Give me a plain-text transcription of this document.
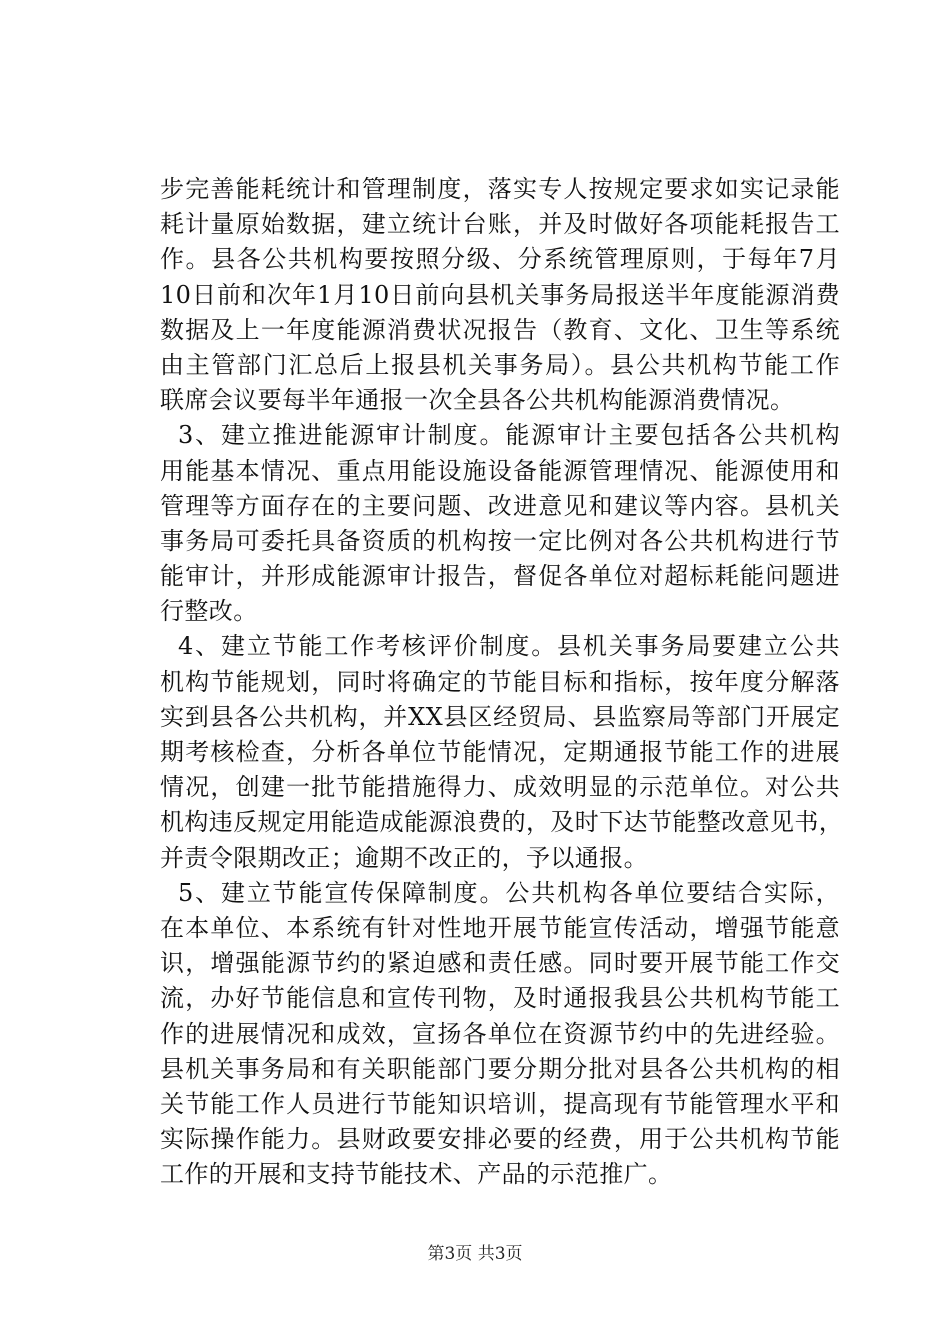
步完善能耗统计和管理制度，落实专人按规定要求如实记录能
耗计量原始数据，建立统计台账，并及时做好各项能耗报告工
作。县各公共机构要按照分级、分系统管理原则，于每年7月
10日前和次年1月10日前向县机关事务局报送半年度能源消费
数据及上一年度能源消费状况报告（教育、文化、卫生等系统
由主管部门汇总后上报县机关事务局）。县公共机构节能工作
联席会议要每半年通报一次全县各公共机构能源消费情况。
3、建立推进能源审计制度。能源审计主要包括各公共机构
用能基本情况、重点用能设施设备能源管理情况、能源使用和
管理等方面存在的主要问题、改进意见和建议等内容。县机关
事务局可委托具备资质的机构按一定比例对各公共机构进行节
能审计，并形成能源审计报告，督促各单位对超标耗能问题进
行整改。
4、建立节能工作考核评价制度。县机关事务局要建立公共
机构节能规划，同时将确定的节能目标和指标，按年度分解落
实到县各公共机构，并XX县区经贸局、县监察局等部门开展定
期考核检查，分析各单位节能情况，定期通报节能工作的进展
情况，创建一批节能措施得力、成效明显的示范单位。对公共
机构违反规定用能造成能源浪费的，及时下达节能整改意见书，
并责令限期改正；逾期不改正的，予以通报。
5、建立节能宣传保障制度。公共机构各单位要结合实际，
在本单位、本系统有针对性地开展节能宣传活动，增强节能意
识，增强能源节约的紧迫感和责任感。同时要开展节能工作交
流，办好节能信息和宣传刊物，及时通报我县公共机构节能工
作的进展情况和成效，宣扬各单位在资源节约中的先进经验。
县机关事务局和有关职能部门要分期分批对县各公共机构的相
关节能工作人员进行节能知识培训，提高现有节能管理水平和
实际操作能力。县财政要安排必要的经费，用于公共机构节能
工作的开展和支持节能技术、产品的示范推广。
第3页 共3页
